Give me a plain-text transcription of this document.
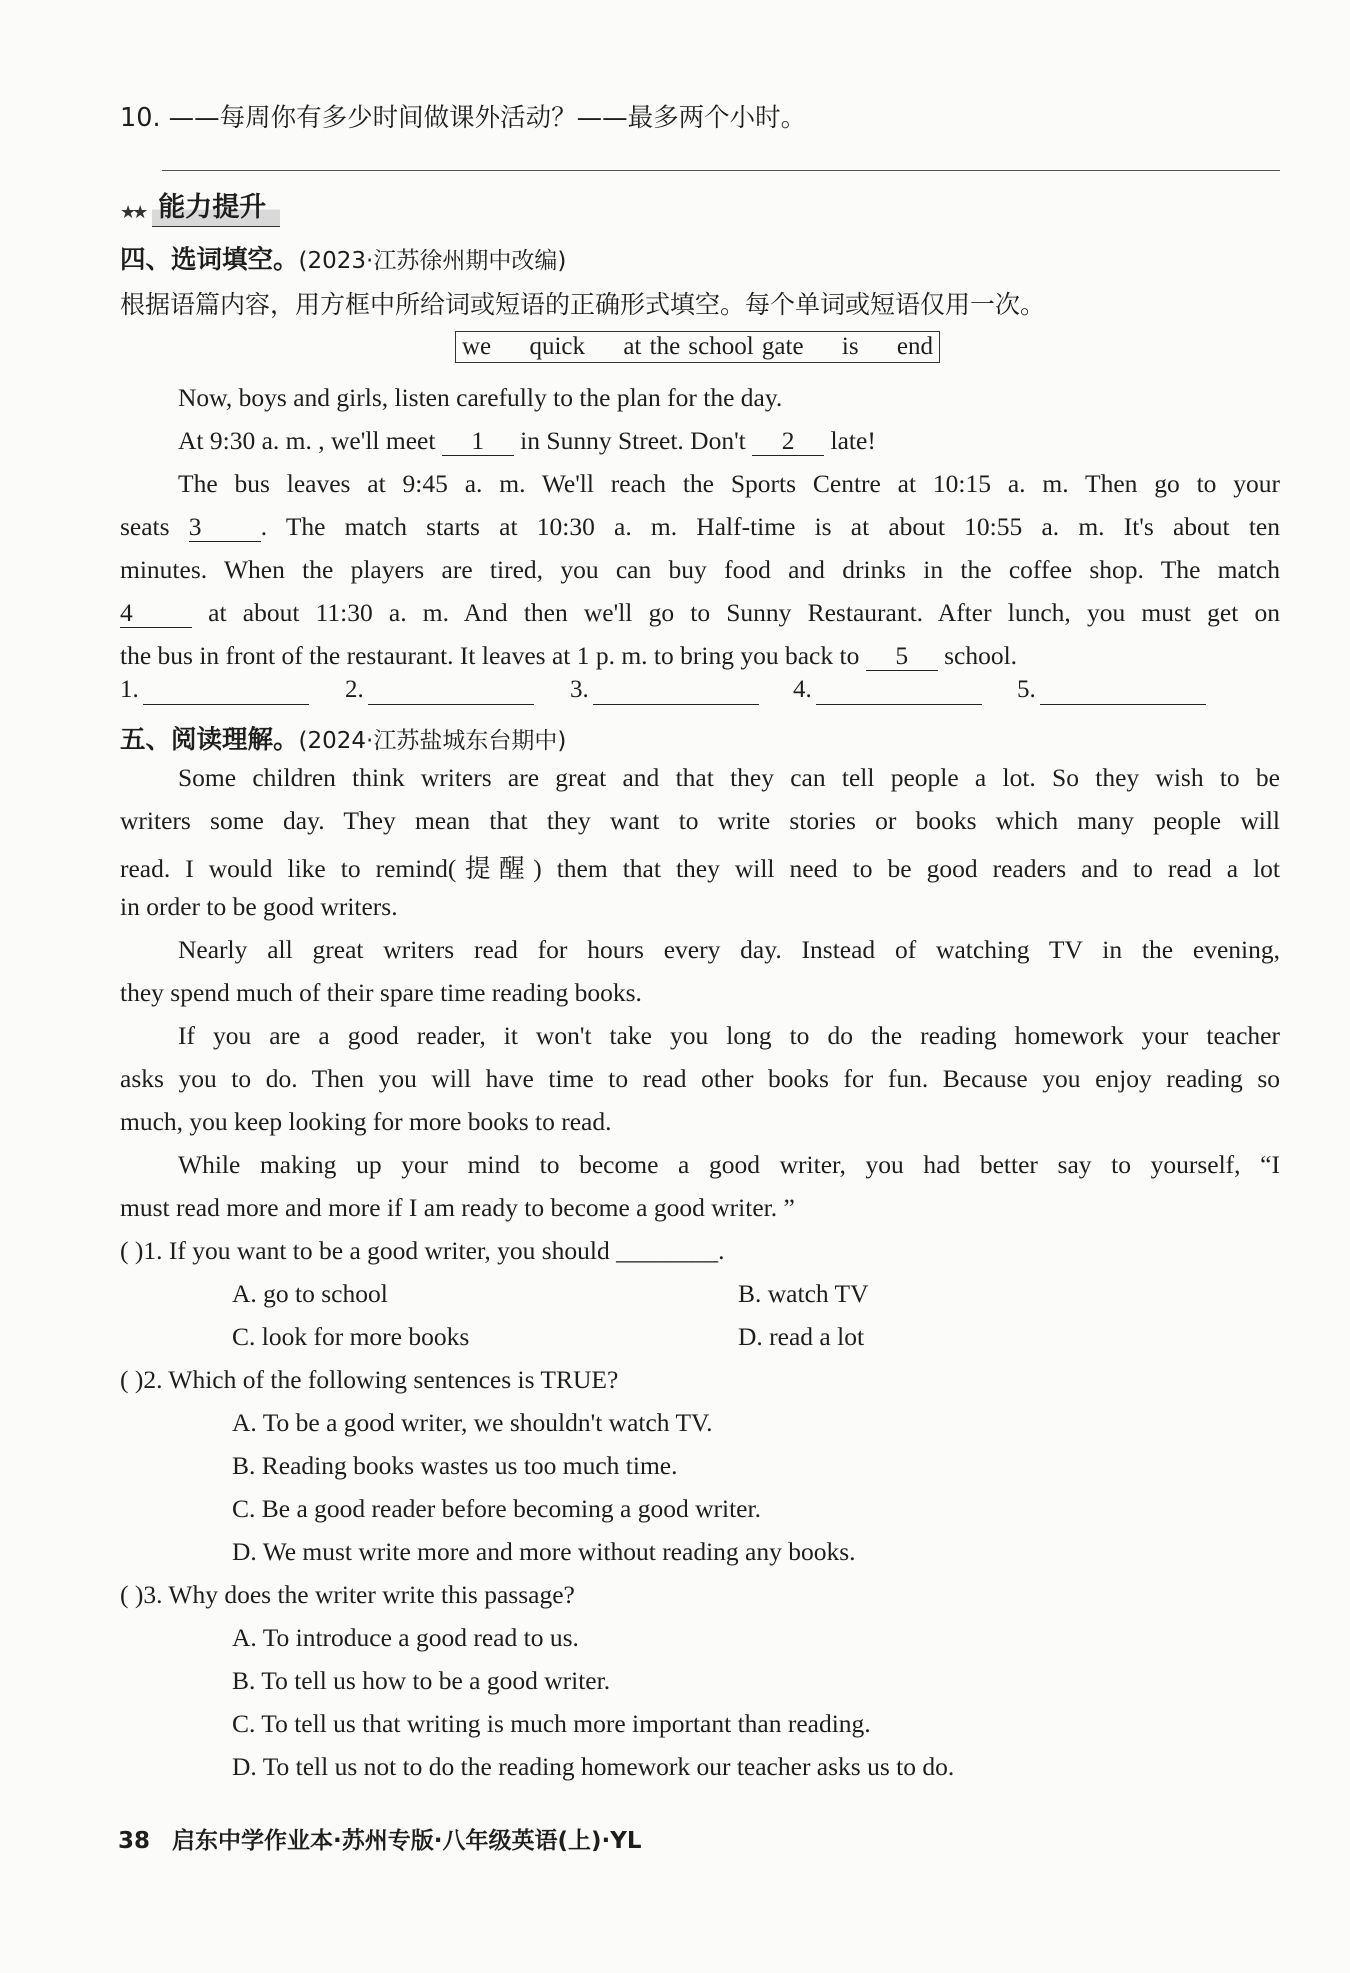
10. ——每周你有多少时间做课外活动？——最多两个小时。
★★ 能力提升
四、选词填空。(2023·江苏徐州期中改编)
根据语篇内容，用方框中所给词或短语的正确形式填空。每个单词或短语仅用一次。
we quick at the school gate is end
Now, boys and girls, listen carefully to the plan for the day.
At 9:30 a. m. , we'll meet 1 in Sunny Street. Don't 2 late!
The bus leaves at 9:45 a. m. We'll reach the Sports Centre at 10:15 a. m. Then go to your
seats 3 . The match starts at 10:30 a. m. Half-time is at about 10:55 a. m. It's about ten
minutes. When the players are tired, you can buy food and drinks in the coffee shop. The match
4 at about 11:30 a. m. And then we'll go to Sunny Restaurant. After lunch, you must get on
the bus in front of the restaurant. It leaves at 1 p. m. to bring you back to 5 school.
1.	2.	3.	4.	5.
五、阅读理解。(2024·江苏盐城东台期中)
Some children think writers are great and that they can tell people a lot. So they wish to be
writers some day. They mean that they want to write stories or books which many people will
read. I would like to remind(提醒) them that they will need to be good readers and to read a lot
in order to be good writers.
Nearly all great writers read for hours every day. Instead of watching TV in the evening,
they spend much of their spare time reading books.
If you are a good reader, it won't take you long to do the reading homework your teacher
asks you to do. Then you will have time to read other books for fun. Because you enjoy reading so
much, you keep looking for more books to read.
While making up your mind to become a good writer, you had better say to yourself, “I
must read more and more if I am ready to become a good writer. ”
( )1. If you want to be a good writer, you should ________.
A. go to school	B. watch TV
C. look for more books	D. read a lot
( )2. Which of the following sentences is TRUE?
A. To be a good writer, we shouldn't watch TV.
B. Reading books wastes us too much time.
C. Be a good reader before becoming a good writer.
D. We must write more and more without reading any books.
( )3. Why does the writer write this passage?
A. To introduce a good read to us.
B. To tell us how to be a good writer.
C. To tell us that writing is much more important than reading.
D. To tell us not to do the reading homework our teacher asks us to do.
38 启东中学作业本·苏州专版·八年级英语(上)·YL
